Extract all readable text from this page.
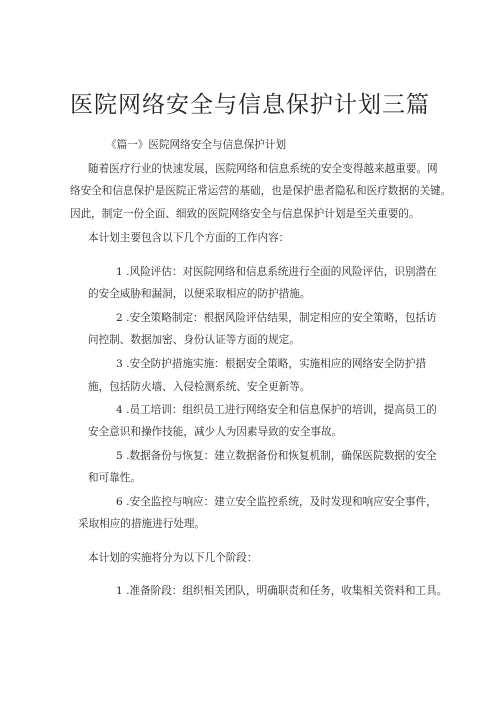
医院网络安全与信息保护计划三篇
《篇一》医院网络安全与信息保护计划
随着医疗行业的快速发展，医院网络和信息系统的安全变得越来越重要。网
络安全和信息保护是医院正常运营的基础，也是保护患者隐私和医疗数据的关键。
因此，制定一份全面、细致的医院网络安全与信息保护计划是至关重要的。
本计划主要包含以下几个方面的工作内容：
1 .风险评估：对医院网络和信息系统进行全面的风险评估，识别潜在
的安全威胁和漏洞，以便采取相应的防护措施。
2 .安全策略制定：根据风险评估结果，制定相应的安全策略，包括访
问控制、数据加密、身份认证等方面的规定。
3 .安全防护措施实施：根据安全策略，实施相应的网络安全防护措
施，包括防火墙、入侵检测系统、安全更新等。
4 .员工培训：组织员工进行网络安全和信息保护的培训，提高员工的
安全意识和操作技能，减少人为因素导致的安全事故。
5 .数据备份与恢复：建立数据备份和恢复机制，确保医院数据的安全
和可靠性。
6 .安全监控与响应：建立安全监控系统，及时发现和响应安全事件，
采取相应的措施进行处理。
本计划的实施将分为以下几个阶段：
1 .准备阶段：组织相关团队，明确职责和任务，收集相关资料和工具。
